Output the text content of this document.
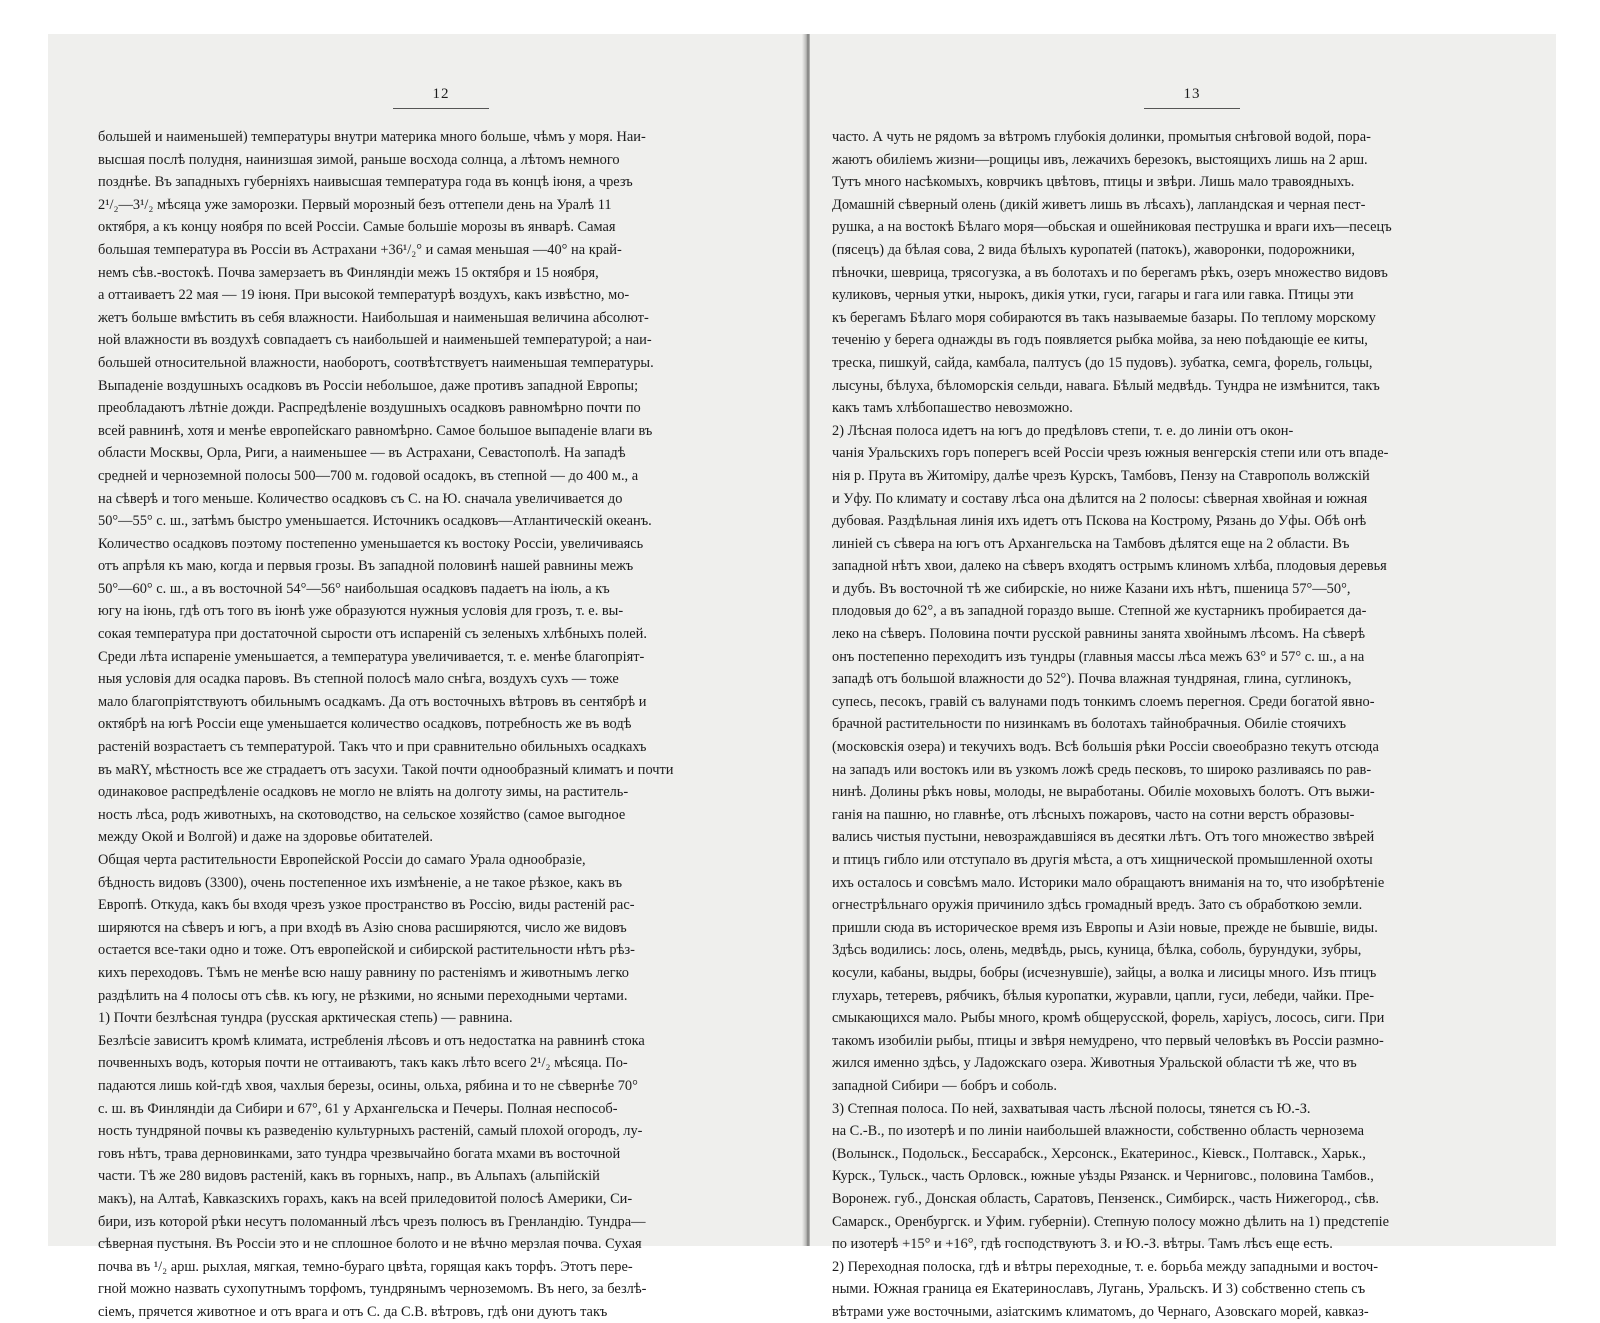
12
большей и наименьшей) температуры внутри материка много больше, чѣмъ у моря. Наи-
высшая послѣ полудня, наинизшая зимой, раньше восхода солнца, а лѣтомъ немного
позднѣе. Въ западныхъ губерніяхъ наивысшая температура года въ концѣ іюня, а чрезъ
2¹/₂—3¹/₂ мѣсяца уже заморозки. Первый морозный безъ оттепели день на Уралѣ 11
октября, а къ концу ноября по всей Россіи. Самые большіе морозы въ январѣ. Самая
большая температура въ Россіи въ Астрахани +36¹/₂° и самая меньшая —40° на край-
немъ сѣв.-востокѣ. Почва замерзаетъ въ Финляндіи межъ 15 октября и 15 ноября,
а оттаиваетъ 22 мая — 19 іюня. При высокой температурѣ воздухъ, какъ извѣстно, мо-
жетъ больше вмѣстить въ себя влажности. Наибольшая и наименьшая величина абсолют-
ной влажности въ воздухѣ совпадаетъ съ наибольшей и наименьшей температурой; а наи-
большей относительной влажности, наоборотъ, соотвѣтствуетъ наименьшая температуры.
Выпаденіе воздушныхъ осадковъ въ Россіи небольшое, даже противъ западной Европы;
преобладаютъ лѣтніе дожди. Распредѣленіе воздушныхъ осадковъ равномѣрно почти по
всей равнинѣ, хотя и менѣе европейскаго равномѣрно. Самое большое выпаденіе влаги въ
области Москвы, Орла, Риги, а наименьшее — въ Астрахани, Севастополѣ. На западѣ
средней и черноземной полосы 500—700 м. годовой осадокъ, въ степной — до 400 м., а
на сѣверѣ и того меньше. Количество осадковъ съ С. на Ю. сначала увеличивается до
50°—55° с. ш., затѣмъ быстро уменьшается. Источникъ осадковъ—Атлантическій океанъ.
Количество осадковъ поэтому постепенно уменьшается къ востоку Россіи, увеличиваясь
отъ апрѣля къ маю, когда и первыя грозы. Въ западной половинѣ нашей равнины межъ
50°—60° с. ш., а въ восточной 54°—56° наибольшая осадковъ падаетъ на іюль, а къ
югу на іюнь, гдѣ отъ того въ іюнѣ уже образуются нужныя условія для грозъ, т. е. вы-
сокая температура при достаточной сырости отъ испареній съ зеленыхъ хлѣбныхъ полей.
Среди лѣта испареніе уменьшается, а температура увеличивается, т. е. менѣе благопріят-
ныя условія для осадка паровъ. Въ степной полосѣ мало снѣга, воздухъ сухъ — тоже
мало благопріятствуютъ обильнымъ осадкамъ. Да отъ восточныхъ вѣтровъ въ сентябрѣ и
октябрѣ на югѣ Россіи еще уменьшается количество осадковъ, потребность же въ водѣ
растеній возрастаетъ съ температурой. Такъ что и при сравнительно обильныхъ осадкахъ
въ маRY, мѣстность все же страдаетъ отъ засухи. Такой почти однообразный климатъ и почти
одинаковое распредѣленіе осадковъ не могло не вліять на долготу зимы, на раститель-
ность лѣса, родъ животныхъ, на скотоводство, на сельское хозяйство (самое выгодное
между Окой и Волгой) и даже на здоровье обитателей.
Общая черта растительности Европейской Россіи до самаго Урала однообразіе,
бѣдность видовъ (3300), очень постепенное ихъ измѣненіе, а не такое рѣзкое, какъ въ
Европѣ. Откуда, какъ бы входя чрезъ узкое пространство въ Россію, виды растеній рас-
ширяются на сѣверъ и югъ, а при входѣ въ Азію снова расширяются, число же видовъ
остается все-таки одно и тоже. Отъ европейской и сибирской растительности нѣтъ рѣз-
кихъ переходовъ. Тѣмъ не менѣе всю нашу равнину по растеніямъ и животнымъ легко
раздѣлить на 4 полосы отъ сѣв. къ югу, не рѣзкими, но ясными переходными чертами.
1) Почти безлѣсная тундра (русская арктическая степь) — равнина.
Безлѣсіе зависитъ кромѣ климата, истребленія лѣсовъ и отъ недостатка на равнинѣ стока
почвенныхъ водъ, которыя почти не оттаиваютъ, такъ какъ лѣто всего 2¹/₂ мѣсяца. По-
падаются лишь кой-гдѣ хвоя, чахлыя березы, осины, ольха, рябина и то не сѣвернѣе 70°
с. ш. въ Финляндіи да Сибири и 67°, 61 у Архангельска и Печеры. Полная неспособ-
ность тундряной почвы къ разведенію культурныхъ растеній, самый плохой огородъ, лу-
говъ нѣтъ, трава дерновинками, зато тундра чрезвычайно богата мхами въ восточной
части. Тѣ же 280 видовъ растеній, какъ въ горныхъ, напр., въ Альпахъ (альпійскій
макъ), на Алтаѣ, Кавказскихъ горахъ, какъ на всей приледовитой полосѣ Америки, Си-
бири, изъ которой рѣки несутъ поломанный лѣсъ чрезъ полюсъ въ Гренландію. Тундра—
сѣверная пустыня. Въ Россіи это и не сплошное болото и не вѣчно мерзлая почва. Сухая
почва въ ¹/₂ арш. рыхлая, мягкая, темно-бураго цвѣта, горящая какъ торфъ. Этотъ пере-
гной можно назвать сухопутнымъ торфомъ, тундрянымъ черноземомъ. Въ него, за безлѣ-
сіемъ, прячется животное и отъ врага и отъ С. да С.В. вѣтровъ, гдѣ они дуютъ такъ
13
часто. А чуть не рядомъ за вѣтромъ глубокія долинки, промытыя снѣговой водой, пора-
жаютъ обиліемъ жизни—рощицы ивъ, лежачихъ березокъ, выстоящихъ лишь на 2 арш.
Тутъ много насѣкомыхъ, коврчикъ цвѣтовъ, птицы и звѣри. Лишь мало травоядныхъ.
Домашній сѣверный олень (дикій живетъ лишь въ лѣсахъ), лапландская и черная пест-
рушка, а на востокѣ Бѣлаго моря—обьская и ошейниковая пеструшка и враги ихъ—песецъ
(пясецъ) да бѣлая сова, 2 вида бѣлыхъ куропатей (патокъ), жаворонки, подорожники,
пѣночки, шеврица, трясогузка, а въ болотахъ и по берегамъ рѣкъ, озеръ множество видовъ
куликовъ, черныя утки, нырокъ, дикія утки, гуси, гагары и гага или гавка. Птицы эти
къ берегамъ Бѣлаго моря собираются въ такъ называемые базары. По теплому морскому
теченію у берега однажды въ годъ появляется рыбка мойва, за нею поѣдающіе ее киты,
треска, пишкуй, сайда, камбала, палтусъ (до 15 пудовъ). зубатка, семга, форель, гольцы,
лысуны, бѣлуха, бѣломорскія сельди, навага. Бѣлый медвѣдь. Тундра не измѣнится, такъ
какъ тамъ хлѣбопашество невозможно.
2) Лѣсная полоса идетъ на югъ до предѣловъ степи, т. е. до линіи отъ окон-
чанія Уральскихъ горъ поперегъ всей Россіи чрезъ южныя венгерскія степи или отъ впаде-
нія р. Прута въ Житоміру, далѣе чрезъ Курскъ, Тамбовъ, Пензу на Ставрополь волжскій
и Уфу. По климату и составу лѣса она дѣлится на 2 полосы: сѣверная хвойная и южная
дубовая. Раздѣльная линія ихъ идетъ отъ Пскова на Кострому, Рязань до Уфы. Обѣ онѣ
линіей съ сѣвера на югъ отъ Архангельска на Тамбовъ дѣлятся еще на 2 области. Въ
западной нѣтъ хвои, далеко на сѣверъ входятъ острымъ клиномъ хлѣба, плодовыя деревья
и дубъ. Въ восточной тѣ же сибирскіе, но ниже Казани ихъ нѣтъ, пшеница 57°—50°,
плодовыя до 62°, а въ западной гораздо выше. Степной же кустарникъ пробирается да-
леко на сѣверъ. Половина почти русской равнины занята хвойнымъ лѣсомъ. На сѣверѣ
онъ постепенно переходитъ изъ тундры (главныя массы лѣса межъ 63° и 57° с. ш., а на
западѣ отъ большой влажности до 52°). Почва влажная тундряная, глина, суглинокъ,
супесь, песокъ, гравій съ валунами подъ тонкимъ слоемъ перегноя. Среди богатой явно-
брачной растительности по низинкамъ въ болотахъ тайнобрачныя. Обиліе стоячихъ
(московскія озера) и текучихъ водъ. Всѣ большія рѣки Россіи своеобразно текутъ отсюда
на западъ или востокъ или въ узкомъ ложѣ средь песковъ, то широко разливаясь по рав-
нинѣ. Долины рѣкъ новы, молоды, не выработаны. Обиліе моховыхъ болотъ. Отъ выжи-
ганія на пашню, но главнѣе, отъ лѣсныхъ пожаровъ, часто на сотни верстъ образовы-
вались чистыя пустыни, невозраждавшіяся въ десятки лѣтъ. Отъ того множество звѣрей
и птицъ гибло или отступало въ другія мѣста, а отъ хищнической промышленной охоты
ихъ осталось и совсѣмъ мало. Историки мало обращаютъ вниманія на то, что изобрѣтеніе
огнестрѣльнаго оружія причинило здѣсь громадный вредъ. Зато съ обработкою земли.
пришли сюда въ историческое время изъ Европы и Азіи новые, прежде не бывшіе, виды.
Здѣсь водились: лось, олень, медвѣдь, рысь, куница, бѣлка, соболь, бурундуки, зубры,
косули, кабаны, выдры, бобры (исчезнувшіе), зайцы, а волка и лисицы много. Изъ птицъ
глухарь, тетеревъ, рябчикъ, бѣлыя куропатки, журавли, цапли, гуси, лебеди, чайки. Пре-
смыкающихся мало. Рыбы много, кромѣ общерусской, форель, харіусъ, лосось, сиги. При
такомъ изобиліи рыбы, птицы и звѣря немудрено, что первый человѣкъ въ Россіи размно-
жился именно здѣсь, у Ладожскаго озера. Животныя Уральской области тѣ же, что въ
западной Сибири — бобръ и соболь.
3) Степная полоса. По ней, захватывая часть лѣсной полосы, тянется съ Ю.-З.
на С.-В., по изотерѣ и по линіи наибольшей влажности, собственно область чернозема
(Волынск., Подольск., Бессарабск., Херсонск., Екатеринос., Кіевск., Полтавск., Харьк.,
Курск., Тульск., часть Орловск., южные уѣзды Рязанск. и Черниговс., половина Тамбов.,
Воронеж. губ., Донская область, Саратовъ, Пензенск., Симбирск., часть Нижегород., сѣв.
Самарск., Оренбургск. и Уфим. губерніи). Степную полосу можно дѣлить на 1) предстепіе
по изотерѣ +15° и +16°, гдѣ господствуютъ З. и Ю.-З. вѣтры. Тамъ лѣсъ еще есть.
2) Переходная полоска, гдѣ и вѣтры переходные, т. е. борьба между западными и восточ-
ными. Южная граница ея Екатеринославъ, Лугань, Уральскъ. И 3) собственно степь съ
вѣтрами уже восточными, азіатскимъ климатомъ, до Чернаго, Азовскаго морей, кавказ-
